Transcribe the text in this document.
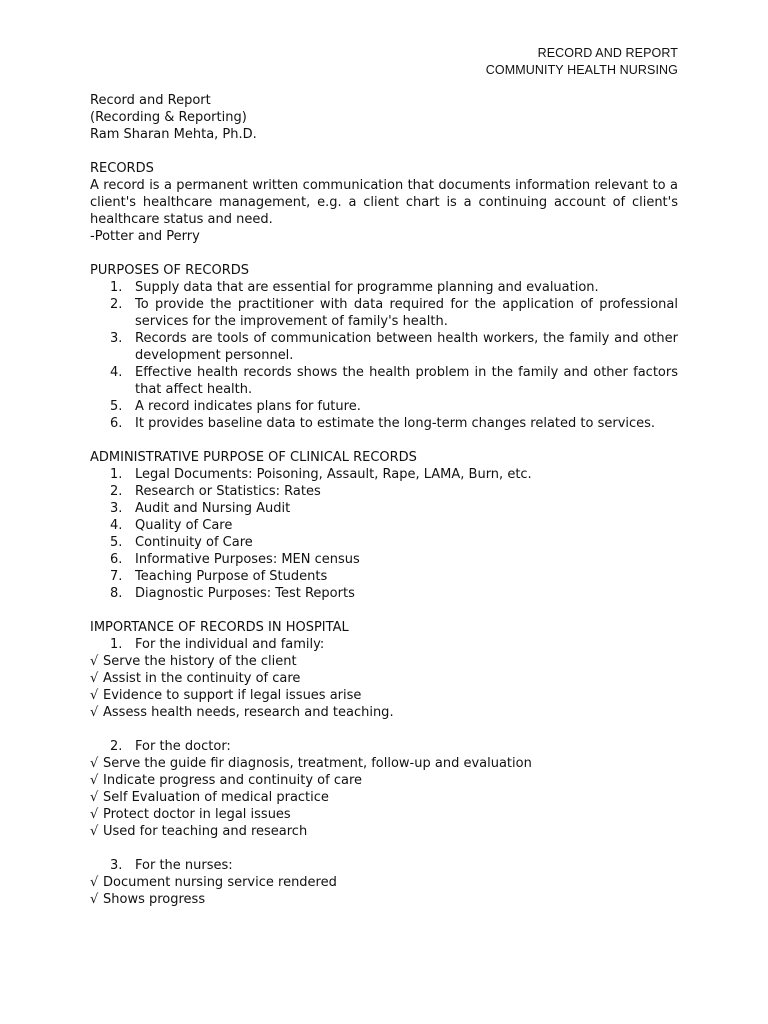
RECORD AND REPORT
COMMUNITY HEALTH NURSING

Record and Report

(Recording & Reporting)

Ram Sharan Mehta, Ph.D.

RECORDS

A record is a permanent written communication that documents information relevant to a client's healthcare management, e.g. a client chart is a continuing account of client's healthcare status and need.

-Potter and Perry

PURPOSES OF RECORDS

1. Supply data that are essential for programme planning and evaluation.
2. To provide the practitioner with data required for the application of professional services for the improvement of family's health.
3. Records are tools of communication between health workers, the family and other development personnel.
4. Effective health records shows the health problem in the family and other factors that affect health.
5. A record indicates plans for future.
6. It provides baseline data to estimate the long-term changes related to services.

ADMINISTRATIVE PURPOSE OF CLINICAL RECORDS

1. Legal Documents: Poisoning, Assault, Rape, LAMA, Burn, etc.
2. Research or Statistics: Rates
3. Audit and Nursing Audit
4. Quality of Care
5. Continuity of Care
6. Informative Purposes: MEN census
7. Teaching Purpose of Students
8. Diagnostic Purposes: Test Reports

IMPORTANCE OF RECORDS IN HOSPITAL

1. For the individual and family:

√ Serve the history of the client
√ Assist in the continuity of care
√ Evidence to support if legal issues arise
√ Assess health needs, research and teaching.

2. For the doctor:

√ Serve the guide fir diagnosis, treatment, follow-up and evaluation
√ Indicate progress and continuity of care
√ Self Evaluation of medical practice
√ Protect doctor in legal issues
√ Used for teaching and research

3. For the nurses:

√ Document nursing service rendered
√ Shows progress
